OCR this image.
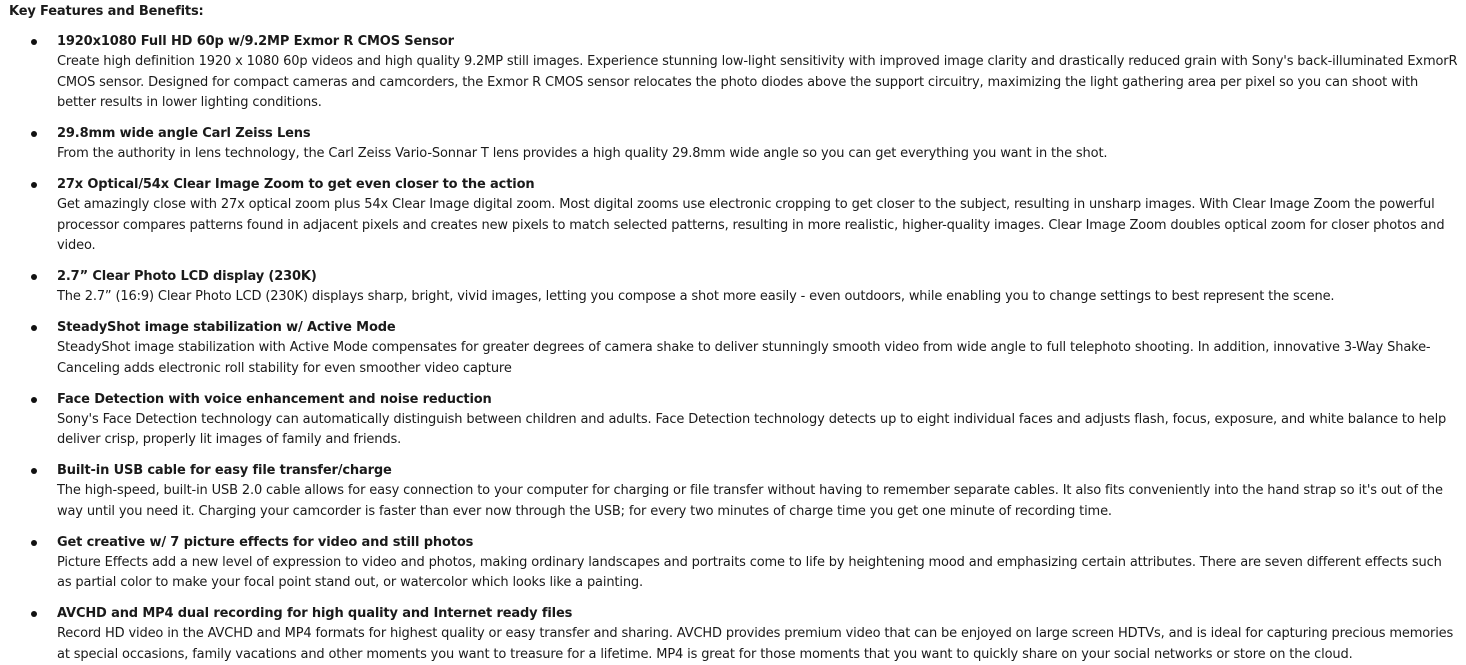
Key Features and Benefits:
1920x1080 Full HD 60p w/9.2MP Exmor R CMOS Sensor
Create high definition 1920 x 1080 60p videos and high quality 9.2MP still images. Experience stunning low-light sensitivity with improved image clarity and drastically reduced grain with Sony's back-illuminated ExmorR CMOS sensor. Designed for compact cameras and camcorders, the Exmor R CMOS sensor relocates the photo diodes above the support circuitry, maximizing the light gathering area per pixel so you can shoot with better results in lower lighting conditions.
29.8mm wide angle Carl Zeiss Lens
From the authority in lens technology, the Carl Zeiss Vario-Sonnar T lens provides a high quality 29.8mm wide angle so you can get everything you want in the shot.
27x Optical/54x Clear Image Zoom to get even closer to the action
Get amazingly close with 27x optical zoom plus 54x Clear Image digital zoom. Most digital zooms use electronic cropping to get closer to the subject, resulting in unsharp images. With Clear Image Zoom the powerful processor compares patterns found in adjacent pixels and creates new pixels to match selected patterns, resulting in more realistic, higher-quality images. Clear Image Zoom doubles optical zoom for closer photos and video.
2.7” Clear Photo LCD display (230K)
The 2.7” (16:9) Clear Photo LCD (230K) displays sharp, bright, vivid images, letting you compose a shot more easily - even outdoors, while enabling you to change settings to best represent the scene.
SteadyShot image stabilization w/ Active Mode
SteadyShot image stabilization with Active Mode compensates for greater degrees of camera shake to deliver stunningly smooth video from wide angle to full telephoto shooting. In addition, innovative 3-Way Shake-Canceling adds electronic roll stability for even smoother video capture
Face Detection with voice enhancement and noise reduction
Sony's Face Detection technology can automatically distinguish between children and adults. Face Detection technology detects up to eight individual faces and adjusts flash, focus, exposure, and white balance to help deliver crisp, properly lit images of family and friends.
Built-in USB cable for easy file transfer/charge
The high-speed, built-in USB 2.0 cable allows for easy connection to your computer for charging or file transfer without having to remember separate cables. It also fits conveniently into the hand strap so it's out of the way until you need it. Charging your camcorder is faster than ever now through the USB; for every two minutes of charge time you get one minute of recording time.
Get creative w/ 7 picture effects for video and still photos
Picture Effects add a new level of expression to video and photos, making ordinary landscapes and portraits come to life by heightening mood and emphasizing certain attributes. There are seven different effects such as partial color to make your focal point stand out, or watercolor which looks like a painting.
AVCHD and MP4 dual recording for high quality and Internet ready files
Record HD video in the AVCHD and MP4 formats for highest quality or easy transfer and sharing. AVCHD provides premium video that can be enjoyed on large screen HDTVs, and is ideal for capturing precious memories at special occasions, family vacations and other moments you want to treasure for a lifetime. MP4 is great for those moments that you want to quickly share on your social networks or store on the cloud.
